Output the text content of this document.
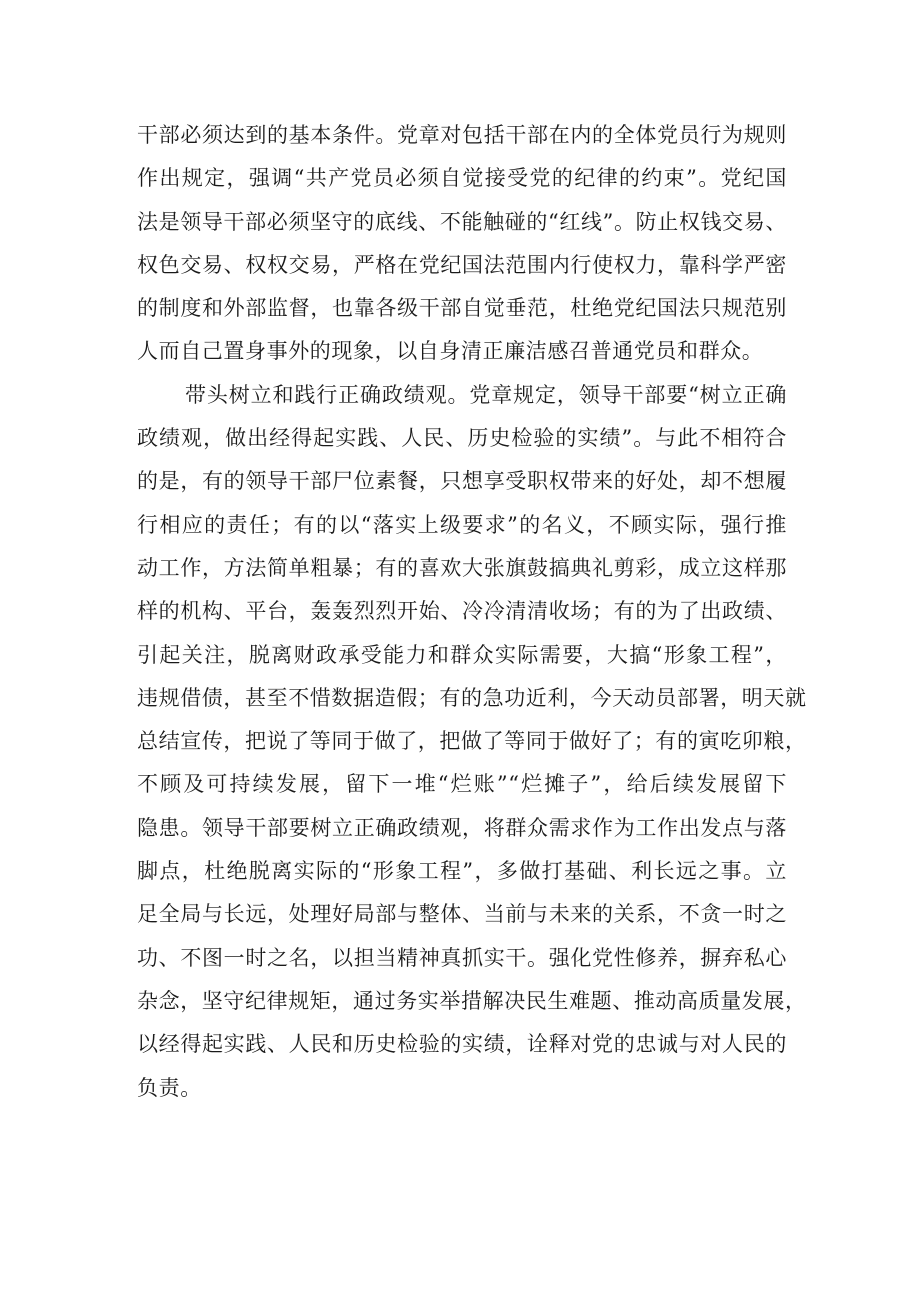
干部必须达到的基本条件。党章对包括干部在内的全体党员行为规则
作出规定，强调“共产党员必须自觉接受党的纪律的约束”。党纪国
法是领导干部必须坚守的底线、不能触碰的“红线”。防止权钱交易、
权色交易、权权交易，严格在党纪国法范围内行使权力，靠科学严密
的制度和外部监督，也靠各级干部自觉垂范，杜绝党纪国法只规范别
人而自己置身事外的现象，以自身清正廉洁感召普通党员和群众。
带头树立和践行正确政绩观。党章规定，领导干部要“树立正确
政绩观，做出经得起实践、人民、历史检验的实绩”。与此不相符合
的是，有的领导干部尸位素餐，只想享受职权带来的好处，却不想履
行相应的责任；有的以“落实上级要求”的名义，不顾实际，强行推
动工作，方法简单粗暴；有的喜欢大张旗鼓搞典礼剪彩，成立这样那
样的机构、平台，轰轰烈烈开始、冷冷清清收场；有的为了出政绩、
引起关注，脱离财政承受能力和群众实际需要，大搞“形象工程”，
违规借债，甚至不惜数据造假；有的急功近利，今天动员部署，明天就
总结宣传，把说了等同于做了，把做了等同于做好了；有的寅吃卯粮，
不顾及可持续发展，留下一堆“烂账”“烂摊子”，给后续发展留下
隐患。领导干部要树立正确政绩观，将群众需求作为工作出发点与落
脚点，杜绝脱离实际的“形象工程”，多做打基础、利长远之事。立
足全局与长远，处理好局部与整体、当前与未来的关系，不贪一时之
功、不图一时之名，以担当精神真抓实干。强化党性修养，摒弃私心
杂念，坚守纪律规矩，通过务实举措解决民生难题、推动高质量发展，
以经得起实践、人民和历史检验的实绩，诠释对党的忠诚与对人民的
负责。
